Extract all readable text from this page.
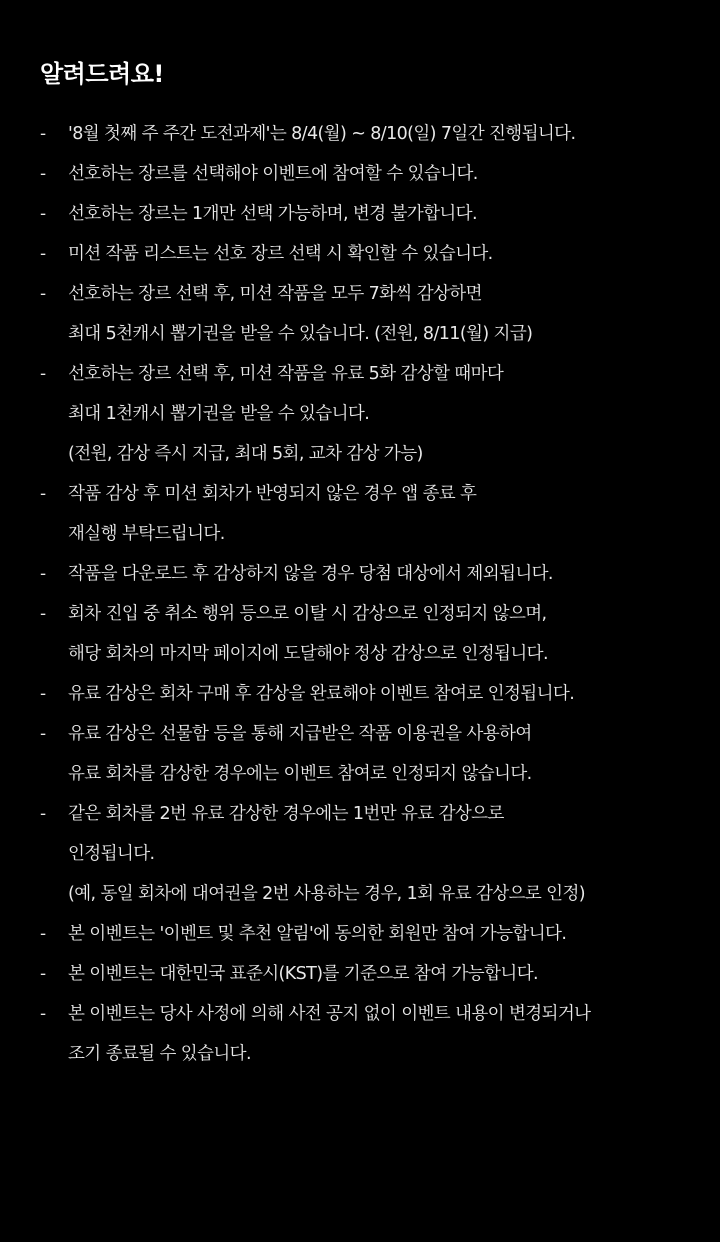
알려드려요!
-	'8월 첫째 주 주간 도전과제'는 8/4(월) ~ 8/10(일) 7일간 진행됩니다.
-	선호하는 장르를 선택해야 이벤트에 참여할 수 있습니다.
-	선호하는 장르는 1개만 선택 가능하며, 변경 불가합니다.
-	미션 작품 리스트는 선호 장르 선택 시 확인할 수 있습니다.
-	선호하는 장르 선택 후, 미션 작품을 모두 7화씩 감상하면
최대 5천캐시 뽑기권을 받을 수 있습니다. (전원, 8/11(월) 지급)
-	선호하는 장르 선택 후, 미션 작품을 유료 5화 감상할 때마다
최대 1천캐시 뽑기권을 받을 수 있습니다.
(전원, 감상 즉시 지급, 최대 5회, 교차 감상 가능)
-	작품 감상 후 미션 회차가 반영되지 않은 경우 앱 종료 후
재실행 부탁드립니다.
-	작품을 다운로드 후 감상하지 않을 경우 당첨 대상에서 제외됩니다.
-	회차 진입 중 취소 행위 등으로 이탈 시 감상으로 인정되지 않으며,
해당 회차의 마지막 페이지에 도달해야 정상 감상으로 인정됩니다.
-	유료 감상은 회차 구매 후 감상을 완료해야 이벤트 참여로 인정됩니다.
-	유료 감상은 선물함 등을 통해 지급받은 작품 이용권을 사용하여
유료 회차를 감상한 경우에는 이벤트 참여로 인정되지 않습니다.
-	같은 회차를 2번 유료 감상한 경우에는 1번만 유료 감상으로
인정됩니다.
(예, 동일 회차에 대여권을 2번 사용하는 경우, 1회 유료 감상으로 인정)
-	본 이벤트는 '이벤트 및 추천 알림'에 동의한 회원만 참여 가능합니다.
-	본 이벤트는 대한민국 표준시(KST)를 기준으로 참여 가능합니다.
-	본 이벤트는 당사 사정에 의해 사전 공지 없이 이벤트 내용이 변경되거나
조기 종료될 수 있습니다.
